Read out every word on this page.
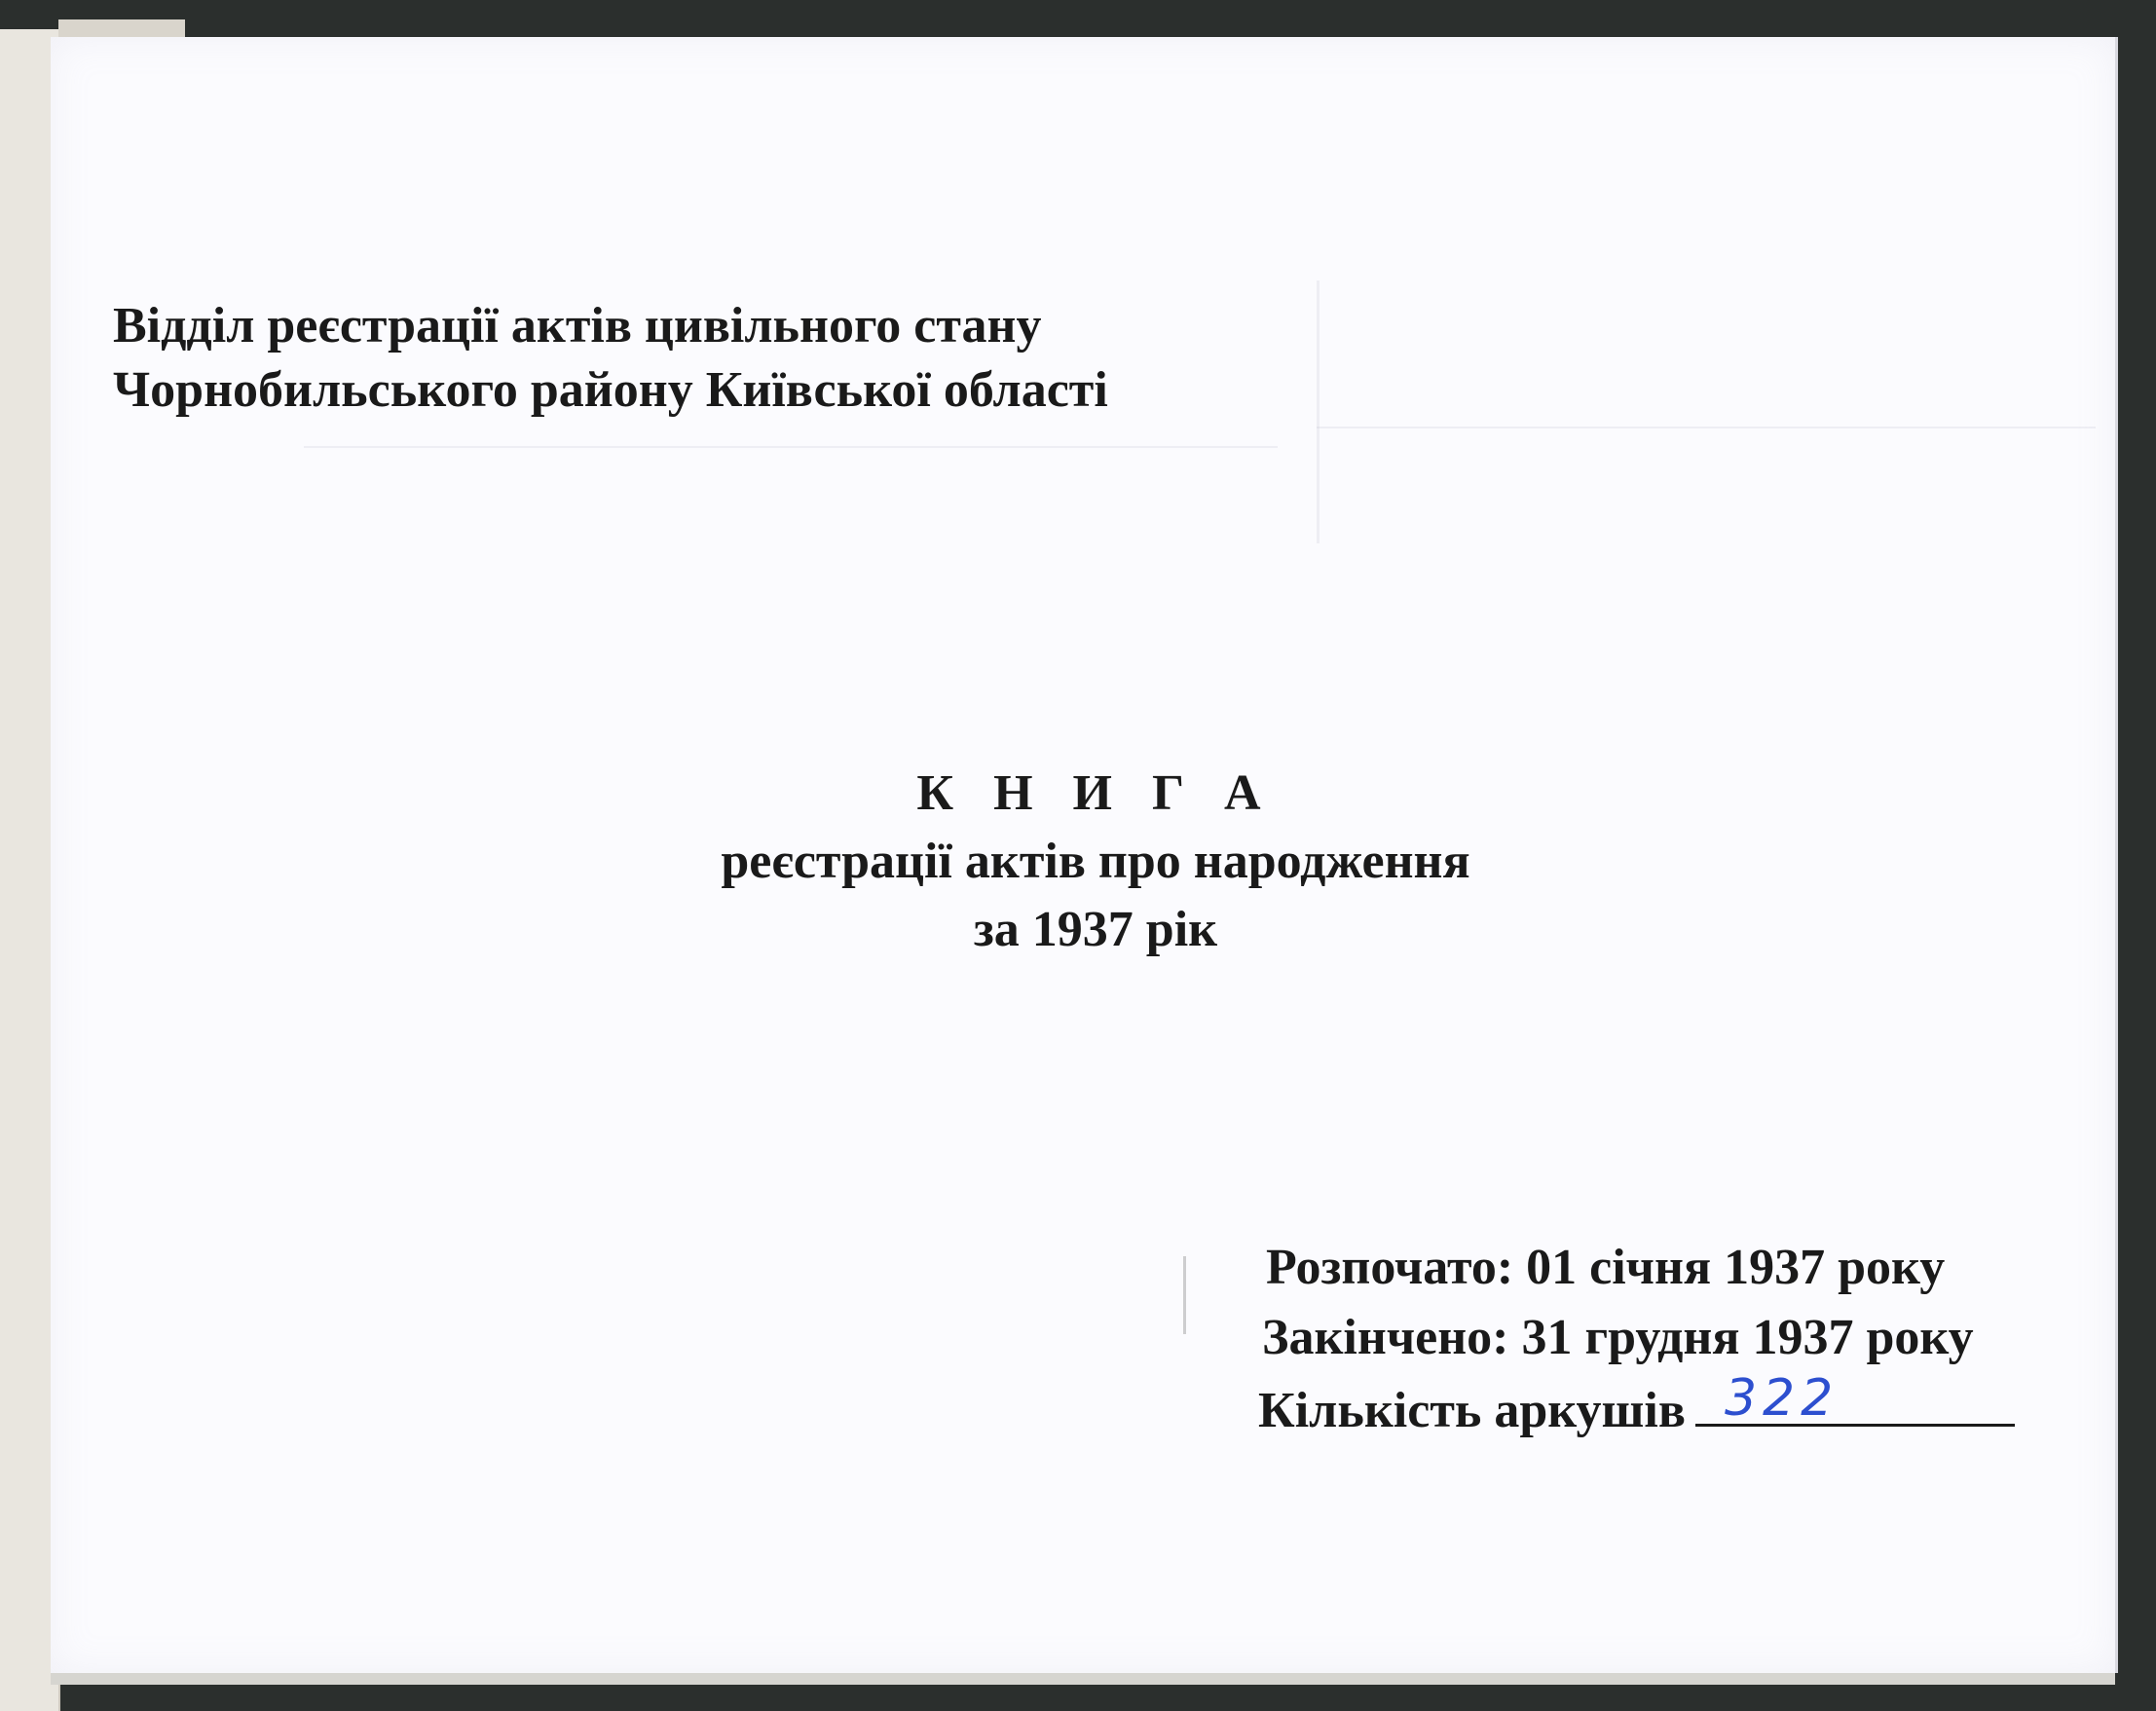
Відділ реєстрації актів цивільного стану
Чорнобильського району Київської області
К Н И Г А
реєстрації актів про народження
за 1937 рік
Розпочато: 01 січня 1937 року
Закінчено: 31 грудня 1937 року
Кількість аркушів 322
